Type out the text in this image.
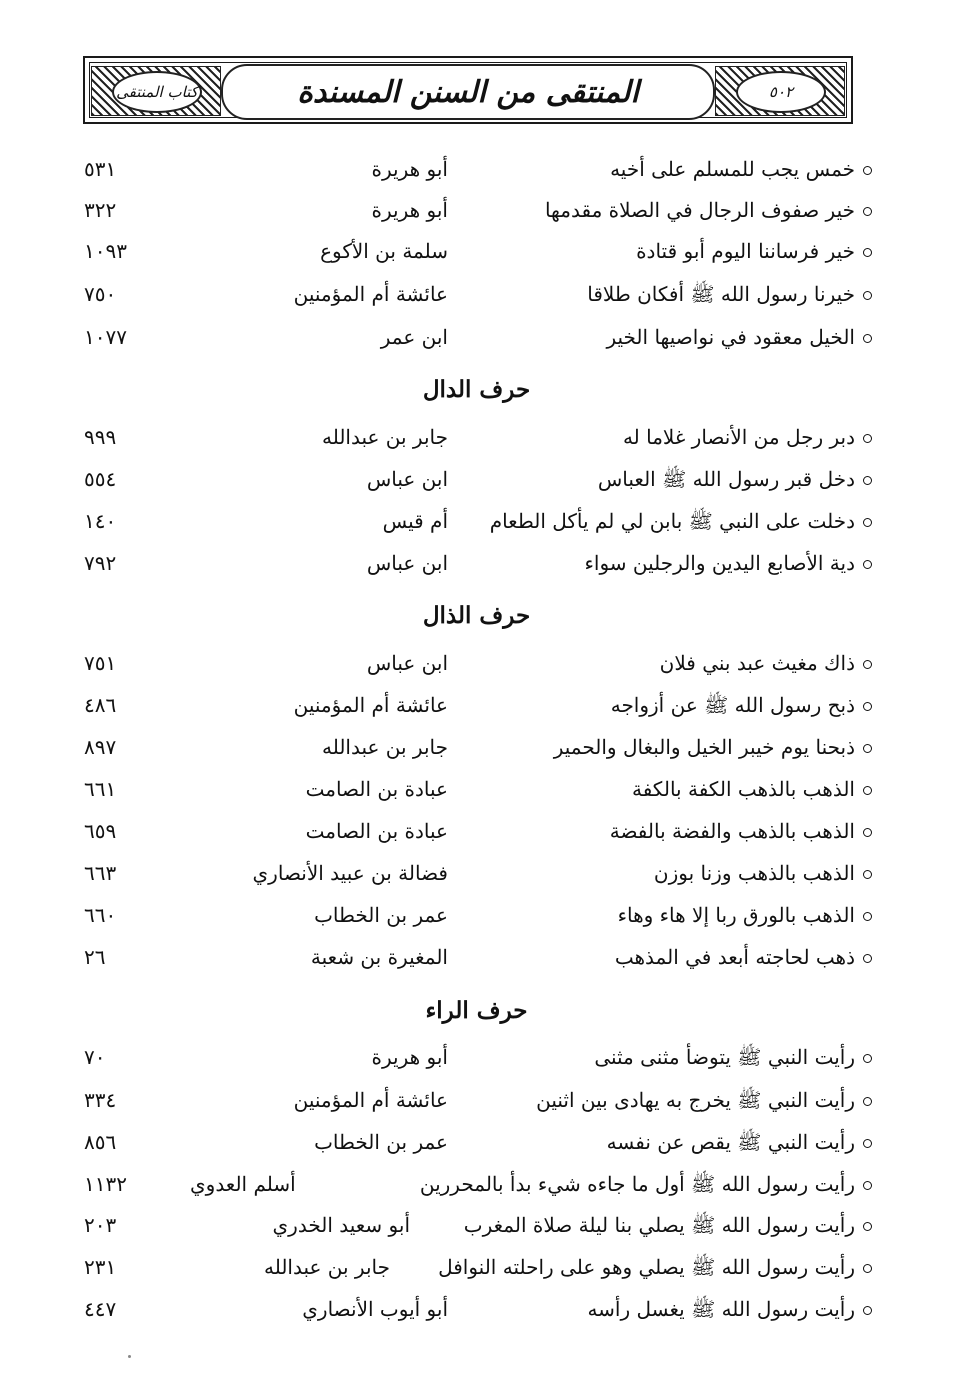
كتاب المنتقى	المنتقى من السنن المسندة	٥٠٢
خمس يجب للمسلم على أخيه
أبو هريرة
٥٣١
خير صفوف الرجال في الصلاة مقدمها
أبو هريرة
٣٢٢
خير فرساننا اليوم أبو قتادة
سلمة بن الأكوع
١٠٩٣
خيرنا رسول الله ﷺ أفكان طلاقا
عائشة أم المؤمنين
٧٥٠
الخيل معقود في نواصيها الخير
ابن عمر
١٠٧٧
حرف الدال
دبر رجل من الأنصار غلاما له
جابر بن عبدالله
٩٩٩
دخل قبر رسول الله ﷺ العباس
ابن عباس
٥٥٤
دخلت على النبي ﷺ بابن لي لم يأكل الطعام
أم قيس
١٤٠
دية الأصابع اليدين والرجلين سواء
ابن عباس
٧٩٢
حرف الذال
ذاك مغيث عبد بني فلان
ابن عباس
٧٥١
ذبح رسول الله ﷺ عن أزواجه
عائشة أم المؤمنين
٤٨٦
ذبحنا يوم خيبر الخيل والبغال والحمير
جابر بن عبدالله
٨٩٧
الذهب بالذهب الكفة بالكفة
عبادة بن الصامت
٦٦١
الذهب بالذهب والفضة بالفضة
عبادة بن الصامت
٦٥٩
الذهب بالذهب وزنا بوزن
فضالة بن عبيد الأنصاري
٦٦٣
الذهب بالورق ربا إلا هاء وهاء
عمر بن الخطاب
٦٦٠
ذهب لحاجته أبعد في المذهب
المغيرة بن شعبة
٢٦
حرف الراء
رأيت النبي ﷺ يتوضأ مثنى مثنى
أبو هريرة
٧٠
رأيت النبي ﷺ يخرج به يهادى بين اثنين
عائشة أم المؤمنين
٣٣٤
رأيت النبي ﷺ يقص عن نفسه
عمر بن الخطاب
٨٥٦
رأيت رسول الله ﷺ أول ما جاءه شيء بدأ بالمحررين
أسلم العدوي
١١٣٢
رأيت رسول الله ﷺ يصلي بنا ليلة صلاة المغرب
أبو سعيد الخدري
٢٠٣
رأيت رسول الله ﷺ يصلي وهو على راحلته النوافل
جابر بن عبدالله
٢٣١
رأيت رسول الله ﷺ يغسل رأسه
أبو أيوب الأنصاري
٤٤٧
